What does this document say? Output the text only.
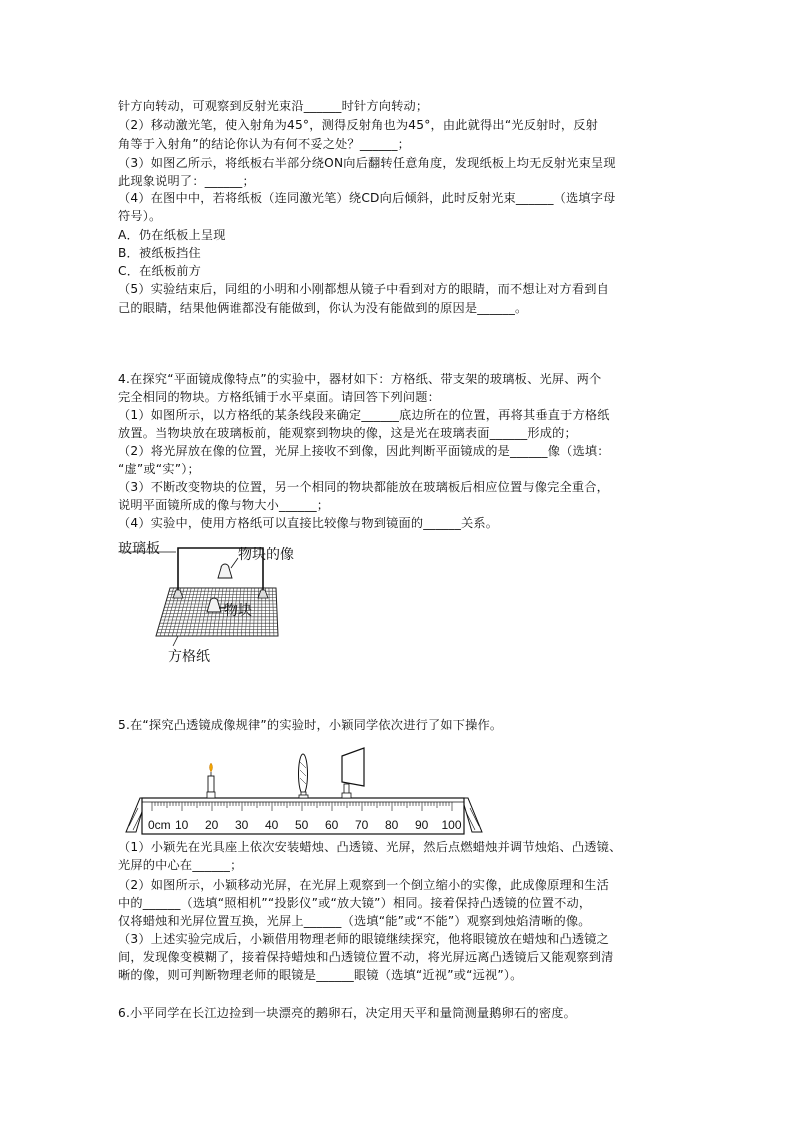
针方向转动，可观察到反射光束沿______时针方向转动；
（2）移动激光笔，使入射角为45°，测得反射角也为45°，由此就得出“光反射时，反射
角等于入射角”的结论你认为有何不妥之处？______；
（3）如图乙所示，将纸板右半部分绕ON向后翻转任意角度，发现纸板上均无反射光束呈现
此现象说明了：______；
（4）在图中中，若将纸板（连同激光笔）绕CD向后倾斜，此时反射光束______（选填字母
符号）。
A．仍在纸板上呈现
B．被纸板挡住
C．在纸板前方
（5）实验结束后，同组的小明和小刚都想从镜子中看到对方的眼睛，而不想让对方看到自
己的眼睛，结果他俩谁都没有能做到，你认为没有能做到的原因是______。
4.在探究“平面镜成像特点”的实验中，器材如下：方格纸、带支架的玻璃板、光屏、两个
完全相同的物块。方格纸铺于水平桌面。请回答下列问题：
（1）如图所示，以方格纸的某条线段来确定______底边所在的位置，再将其垂直于方格纸
放置。当物块放在玻璃板前，能观察到物块的像，这是光在玻璃表面______形成的；
（2）将光屏放在像的位置，光屏上接收不到像，因此判断平面镜成的是______像（选填：
“虚”或“实”）；
（3）不断改变物块的位置，另一个相同的物块都能放在玻璃板后相应位置与像完全重合，
说明平面镜所成的像与物大小______；
（4）实验中，使用方格纸可以直接比较像与物到镜面的______关系。
玻璃板	物块的像
物块
方格纸
5.在“探究凸透镜成像规律”的实验时，小颖同学依次进行了如下操作。
0cm 10 20 30 40 50 60 70 80 90 100
（1）小颖先在光具座上依次安装蜡烛、凸透镜、光屏，然后点燃蜡烛并调节烛焰、凸透镜、
光屏的中心在______；
（2）如图所示，小颖移动光屏，在光屏上观察到一个倒立缩小的实像，此成像原理和生活
中的______（选填“照相机”“投影仪”或“放大镜”）相同。接着保持凸透镜的位置不动，
仅将蜡烛和光屏位置互换，光屏上______（选填“能”或“不能”）观察到烛焰清晰的像。
（3）上述实验完成后，小颖借用物理老师的眼镜继续探究，他将眼镜放在蜡烛和凸透镜之
间，发现像变模糊了，接着保持蜡烛和凸透镜位置不动，将光屏远离凸透镜后又能观察到清
晰的像，则可判断物理老师的眼镜是______眼镜（选填“近视”或“远视”）。
6.小平同学在长江边捡到一块漂亮的鹅卵石，决定用天平和量筒测量鹅卵石的密度。
